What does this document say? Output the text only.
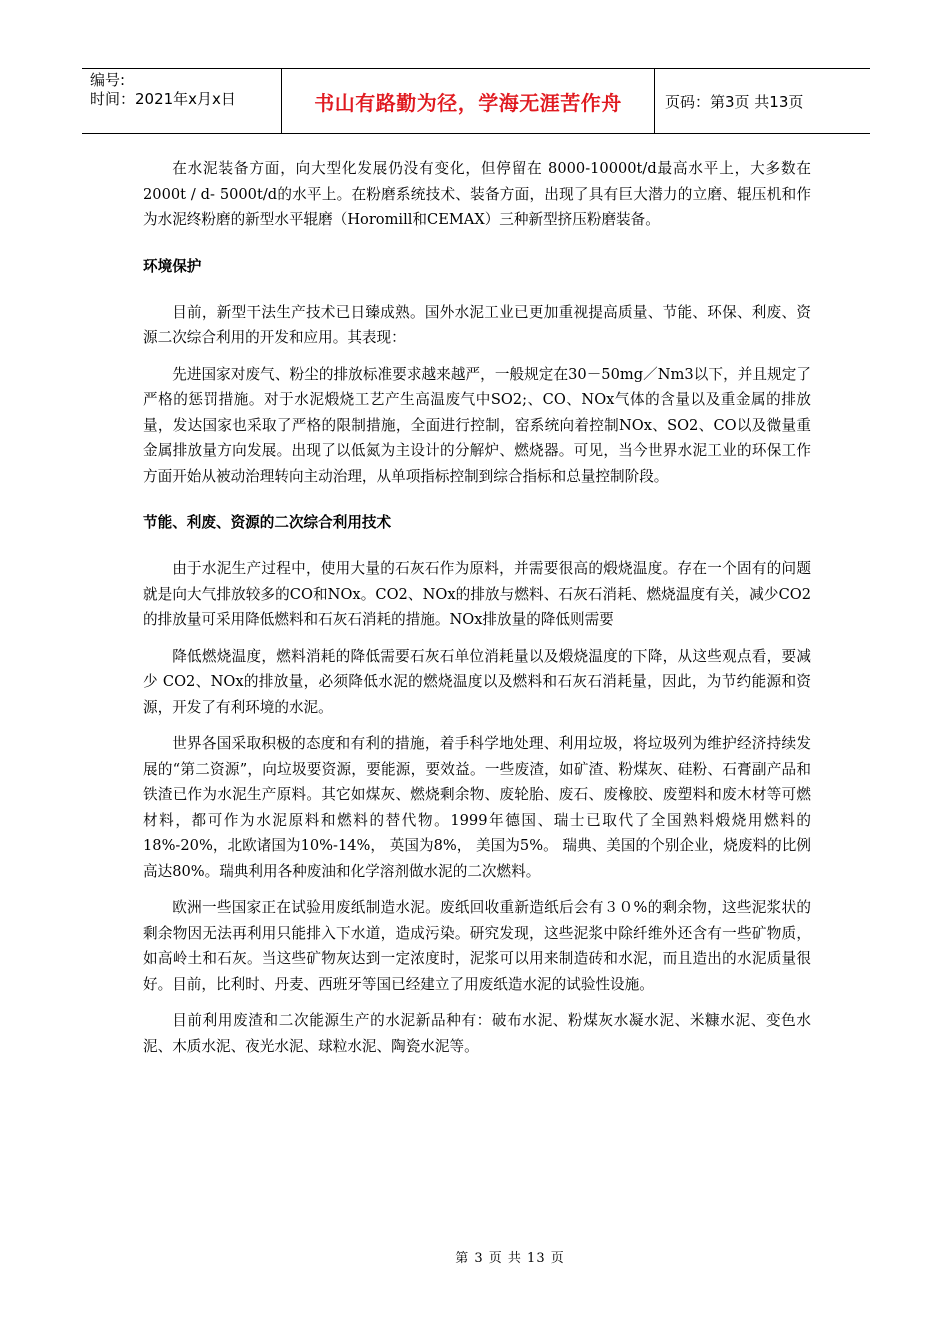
编号:
时间：2021年x月x日	书山有路勤为径，学海无涯苦作舟	页码：第3页 共13页

在水泥装备方面，向大型化发展仍没有变化，但停留在 8000-10000t/d最高水平上，大多数在2000t / d- 5000t/d的水平上。在粉磨系统技术、装备方面，出现了具有巨大潜力的立磨、辊压机和作为水泥终粉磨的新型水平辊磨（Horomill和CEMAX）三种新型挤压粉磨装备。

环境保护

目前，新型干法生产技术已日臻成熟。国外水泥工业已更加重视提高质量、节能、环保、利废、资源二次综合利用的开发和应用。其表现：

先进国家对废气、粉尘的排放标准要求越来越严，一般规定在30－50mg／Nm3以下，并且规定了严格的惩罚措施。对于水泥煅烧工艺产生高温废气中SO2;、CO、NOx气体的含量以及重金属的排放量，发达国家也采取了严格的限制措施，全面进行控制，窑系统向着控制NOx、SO2、CO以及微量重金属排放量方向发展。出现了以低氮为主设计的分解炉、燃烧器。可见，当今世界水泥工业的环保工作方面开始从被动治理转向主动治理，从单项指标控制到综合指标和总量控制阶段。

节能、利废、资源的二次综合利用技术

由于水泥生产过程中，使用大量的石灰石作为原料，并需要很高的煅烧温度。存在一个固有的问题就是向大气排放较多的CO和NOx。CO2、NOx的排放与燃料、石灰石消耗、燃烧温度有关，减少CO2的排放量可采用降低燃料和石灰石消耗的措施。NOx排放量的降低则需要

降低燃烧温度，燃料消耗的降低需要石灰石单位消耗量以及煅烧温度的下降，从这些观点看，要减少 CO2、NOx的排放量，必须降低水泥的燃烧温度以及燃料和石灰石消耗量，因此，为节约能源和资源，开发了有利环境的水泥。

世界各国采取积极的态度和有利的措施，着手科学地处理、利用垃圾，将垃圾列为维护经济持续发展的“第二资源”，向垃圾要资源，要能源，要效益。一些废渣，如矿渣、粉煤灰、硅粉、石膏副产品和铁渣已作为水泥生产原料。其它如煤灰、燃烧剩余物、废轮胎、废石、废橡胶、废塑料和废木材等可燃材料，都可作为水泥原料和燃料的替代物。1999年德国、瑞士已取代了全国熟料煅烧用燃料的18%-20%，北欧诸国为10%-14%， 英国为8%， 美国为5%。 瑞典、美国的个别企业，烧废料的比例高达80%。瑞典利用各种废油和化学溶剂做水泥的二次燃料。

欧洲一些国家正在试验用废纸制造水泥。废纸回收重新造纸后会有３０%的剩余物，这些泥浆状的剩余物因无法再利用只能排入下水道，造成污染。研究发现，这些泥浆中除纤维外还含有一些矿物质，如高岭土和石灰。当这些矿物灰达到一定浓度时，泥浆可以用来制造砖和水泥，而且造出的水泥质量很好。目前，比利时、丹麦、西班牙等国已经建立了用废纸造水泥的试验性设施。

目前利用废渣和二次能源生产的水泥新品种有：破布水泥、粉煤灰水凝水泥、米糠水泥、变色水泥、木质水泥、夜光水泥、球粒水泥、陶瓷水泥等。

第 3 页 共 13 页
